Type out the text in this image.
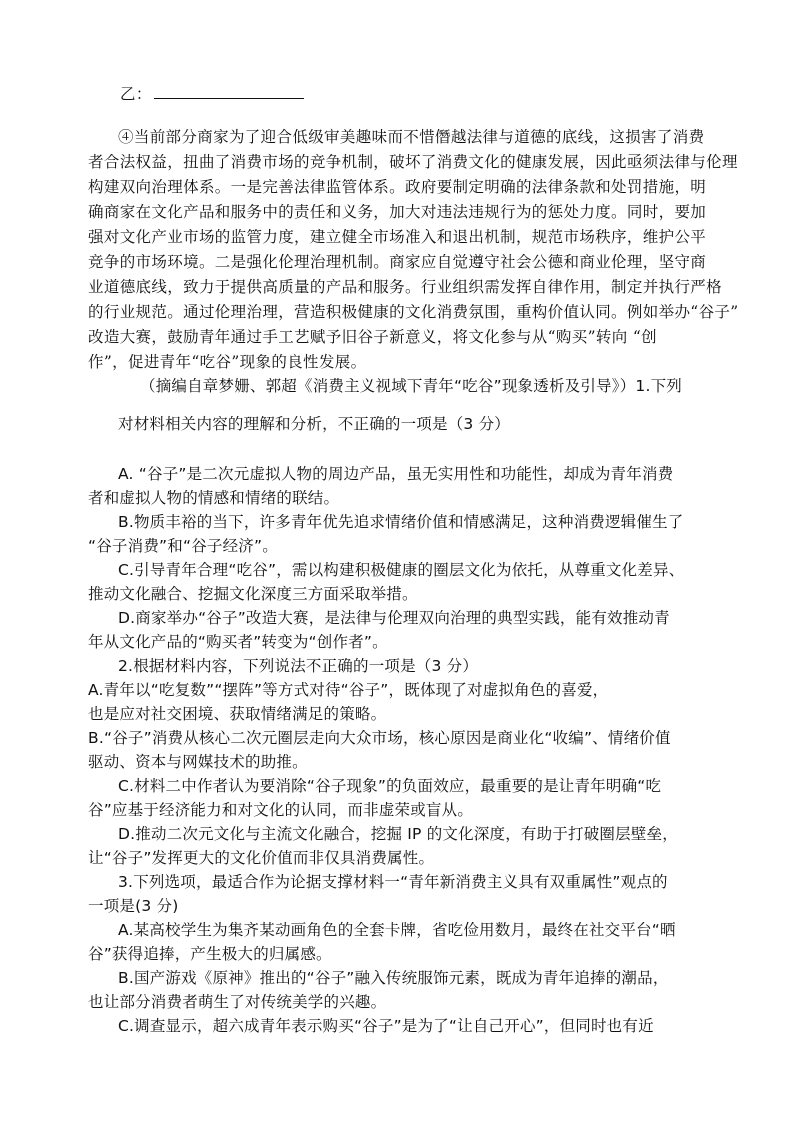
乙：
④当前部分商家为了迎合低级审美趣味而不惜僭越法律与道德的底线，这损害了消费
者合法权益，扭曲了消费市场的竞争机制，破坏了消费文化的健康发展，因此亟须法律与伦理
构建双向治理体系。一是完善法律监管体系。政府要制定明确的法律条款和处罚措施，明
确商家在文化产品和服务中的责任和义务，加大对违法违规行为的惩处力度。同时，要加
强对文化产业市场的监管力度，建立健全市场准入和退出机制，规范市场秩序，维护公平
竞争的市场环境。二是强化伦理治理机制。商家应自觉遵守社会公德和商业伦理，坚守商
业道德底线，致力于提供高质量的产品和服务。行业组织需发挥自律作用，制定并执行严格
的行业规范。通过伦理治理，营造积极健康的文化消费氛围，重构价值认同。例如举办“谷子”
改造大赛，鼓励青年通过手工艺赋予旧谷子新意义，将文化参与从“购买”转向 “创
作”，促进青年“吃谷”现象的良性发展。
（摘编自章梦姗、郭超《消费主义视域下青年“吃谷”现象透析及引导》）1.下列
对材料相关内容的理解和分析，不正确的一项是（3 分）
A. “谷子”是二次元虚拟人物的周边产品，虽无实用性和功能性，却成为青年消费
者和虚拟人物的情感和情绪的联结。
B.物质丰裕的当下，许多青年优先追求情绪价值和情感满足，这种消费逻辑催生了
“谷子消费”和“谷子经济”。
C.引导青年合理“吃谷”，需以构建积极健康的圈层文化为依托，从尊重文化差异、
推动文化融合、挖掘文化深度三方面采取举措。
D.商家举办“谷子”改造大赛，是法律与伦理双向治理的典型实践，能有效推动青
年从文化产品的“购买者”转变为“创作者”。
2.根据材料内容，下列说法不正确的一项是（3 分）
A.青年以“吃复数”“摆阵”等方式对待“谷子”，既体现了对虚拟角色的喜爱，
也是应对社交困境、获取情绪满足的策略。
B.“谷子”消费从核心二次元圈层走向大众市场，核心原因是商业化“收编”、情绪价值
驱动、资本与网媒技术的助推。
C.材料二中作者认为要消除“谷子现象”的负面效应，最重要的是让青年明确“吃
谷”应基于经济能力和对文化的认同，而非虚荣或盲从。
D.推动二次元文化与主流文化融合，挖掘 IP 的文化深度，有助于打破圈层壁垒，
让“谷子”发挥更大的文化价值而非仅具消费属性。
3.下列选项，最适合作为论据支撑材料一“青年新消费主义具有双重属性”观点的
一项是(3 分)
A.某高校学生为集齐某动画角色的全套卡牌，省吃俭用数月，最终在社交平台“晒
谷”获得追捧，产生极大的归属感。
B.国产游戏《原神》推出的“谷子”融入传统服饰元素，既成为青年追捧的潮品，
也让部分消费者萌生了对传统美学的兴趣。
C.调查显示，超六成青年表示购买“谷子”是为了“让自己开心”，但同时也有近
